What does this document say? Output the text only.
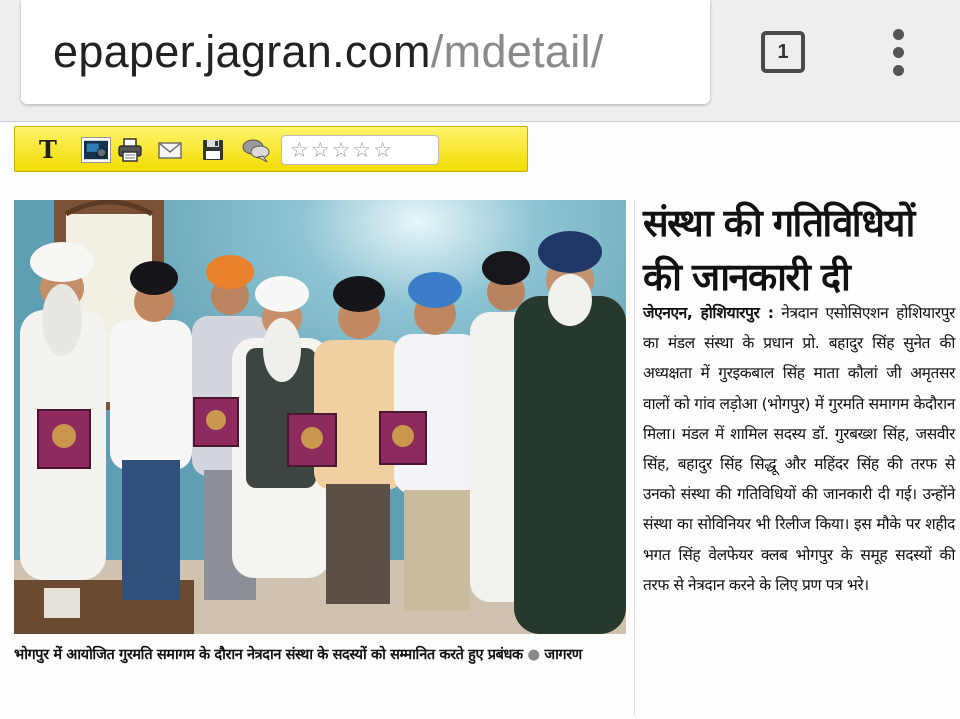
epaper.jagran.com/mdetail/	1
T	☆☆☆☆☆
भोगपुर में आयोजित गुरमति समागम के दौरान नेत्रदान संस्था के सदस्यों को सम्मानित करते हुए प्रबंधक ● जागरण
संस्था की गतिविधियों की जानकारी दी

जेएनएन, होशियारपुर : नेत्रदान एसोसिएशन होशियारपुर का मंडल संस्था के प्रधान प्रो. बहादुर सिंह सुनेत की अध्यक्षता में गुरइकबाल सिंह माता कौलां जी अमृतसर वालों को गांव लड़ोआ (भोगपुर) में गुरमति समागम केदौरान मिला। मंडल में शामिल सदस्य डॉ. गुरबख्श सिंह, जसवीर सिंह, बहादुर सिंह सिद्धू और महिंदर सिंह की तरफ से उनको संस्था की गतिविधियों की जानकारी दी गई। उन्होंने संस्था का सोविनियर भी रिलीज किया। इस मौके पर शहीद भगत सिंह वेलफेयर क्लब भोगपुर के समूह सदस्यों की तरफ से नेत्रदान करने के लिए प्रण पत्र भरे।
